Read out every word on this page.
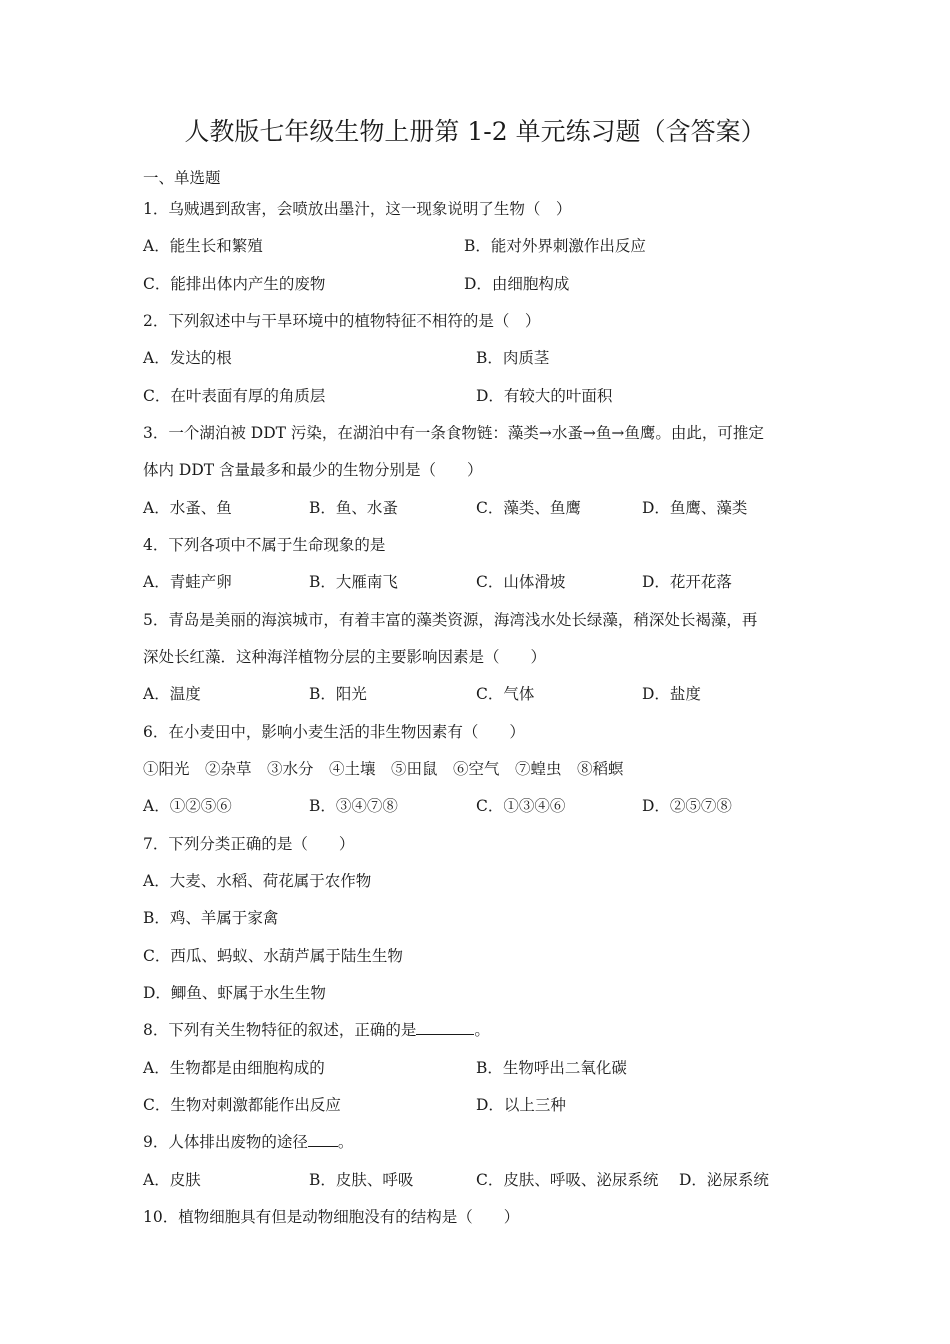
人教版七年级生物上册第 1-2 单元练习题（含答案）
一、单选题
1．乌贼遇到敌害，会喷放出墨汁，这一现象说明了生物（　）
A．能生长和繁殖	B．能对外界刺激作出反应
C．能排出体内产生的废物	D．由细胞构成
2．下列叙述中与干旱环境中的植物特征不相符的是（　）
A．发达的根	B．肉质茎
C．在叶表面有厚的角质层	D．有较大的叶面积
3．一个湖泊被 DDT 污染，在湖泊中有一条食物链：藻类→水蚤→鱼→鱼鹰。由此，可推定
体内 DDT 含量最多和最少的生物分别是（　　）
A．水蚤、鱼	B．鱼、水蚤	C．藻类、鱼鹰	D．鱼鹰、藻类
4．下列各项中不属于生命现象的是
A．青蛙产卵	B．大雁南飞	C．山体滑坡	D．花开花落
5．青岛是美丽的海滨城市，有着丰富的藻类资源，海湾浅水处长绿藻，稍深处长褐藻，再
深处长红藻．这种海洋植物分层的主要影响因素是（　　）
A．温度	B．阳光	C．气体	D．盐度
6．在小麦田中，影响小麦生活的非生物因素有（　　）
①阳光　②杂草　③水分　④土壤　⑤田鼠　⑥空气　⑦蝗虫　⑧稻螟
A．①②⑤⑥	B．③④⑦⑧	C．①③④⑥	D．②⑤⑦⑧
7．下列分类正确的是（　　）
A．大麦、水稻、荷花属于农作物
B．鸡、羊属于家禽
C．西瓜、蚂蚁、水葫芦属于陆生生物
D．鲫鱼、虾属于水生生物
8．下列有关生物特征的叙述，正确的是	。
A．生物都是由细胞构成的	B．生物呼出二氧化碳
C．生物对刺激都能作出反应	D．以上三种
9．人体排出废物的途径 。
A．皮肤	B．皮肤、呼吸	C．皮肤、呼吸、泌尿系统 D．泌尿系统
10．植物细胞具有但是动物细胞没有的结构是（　　）
